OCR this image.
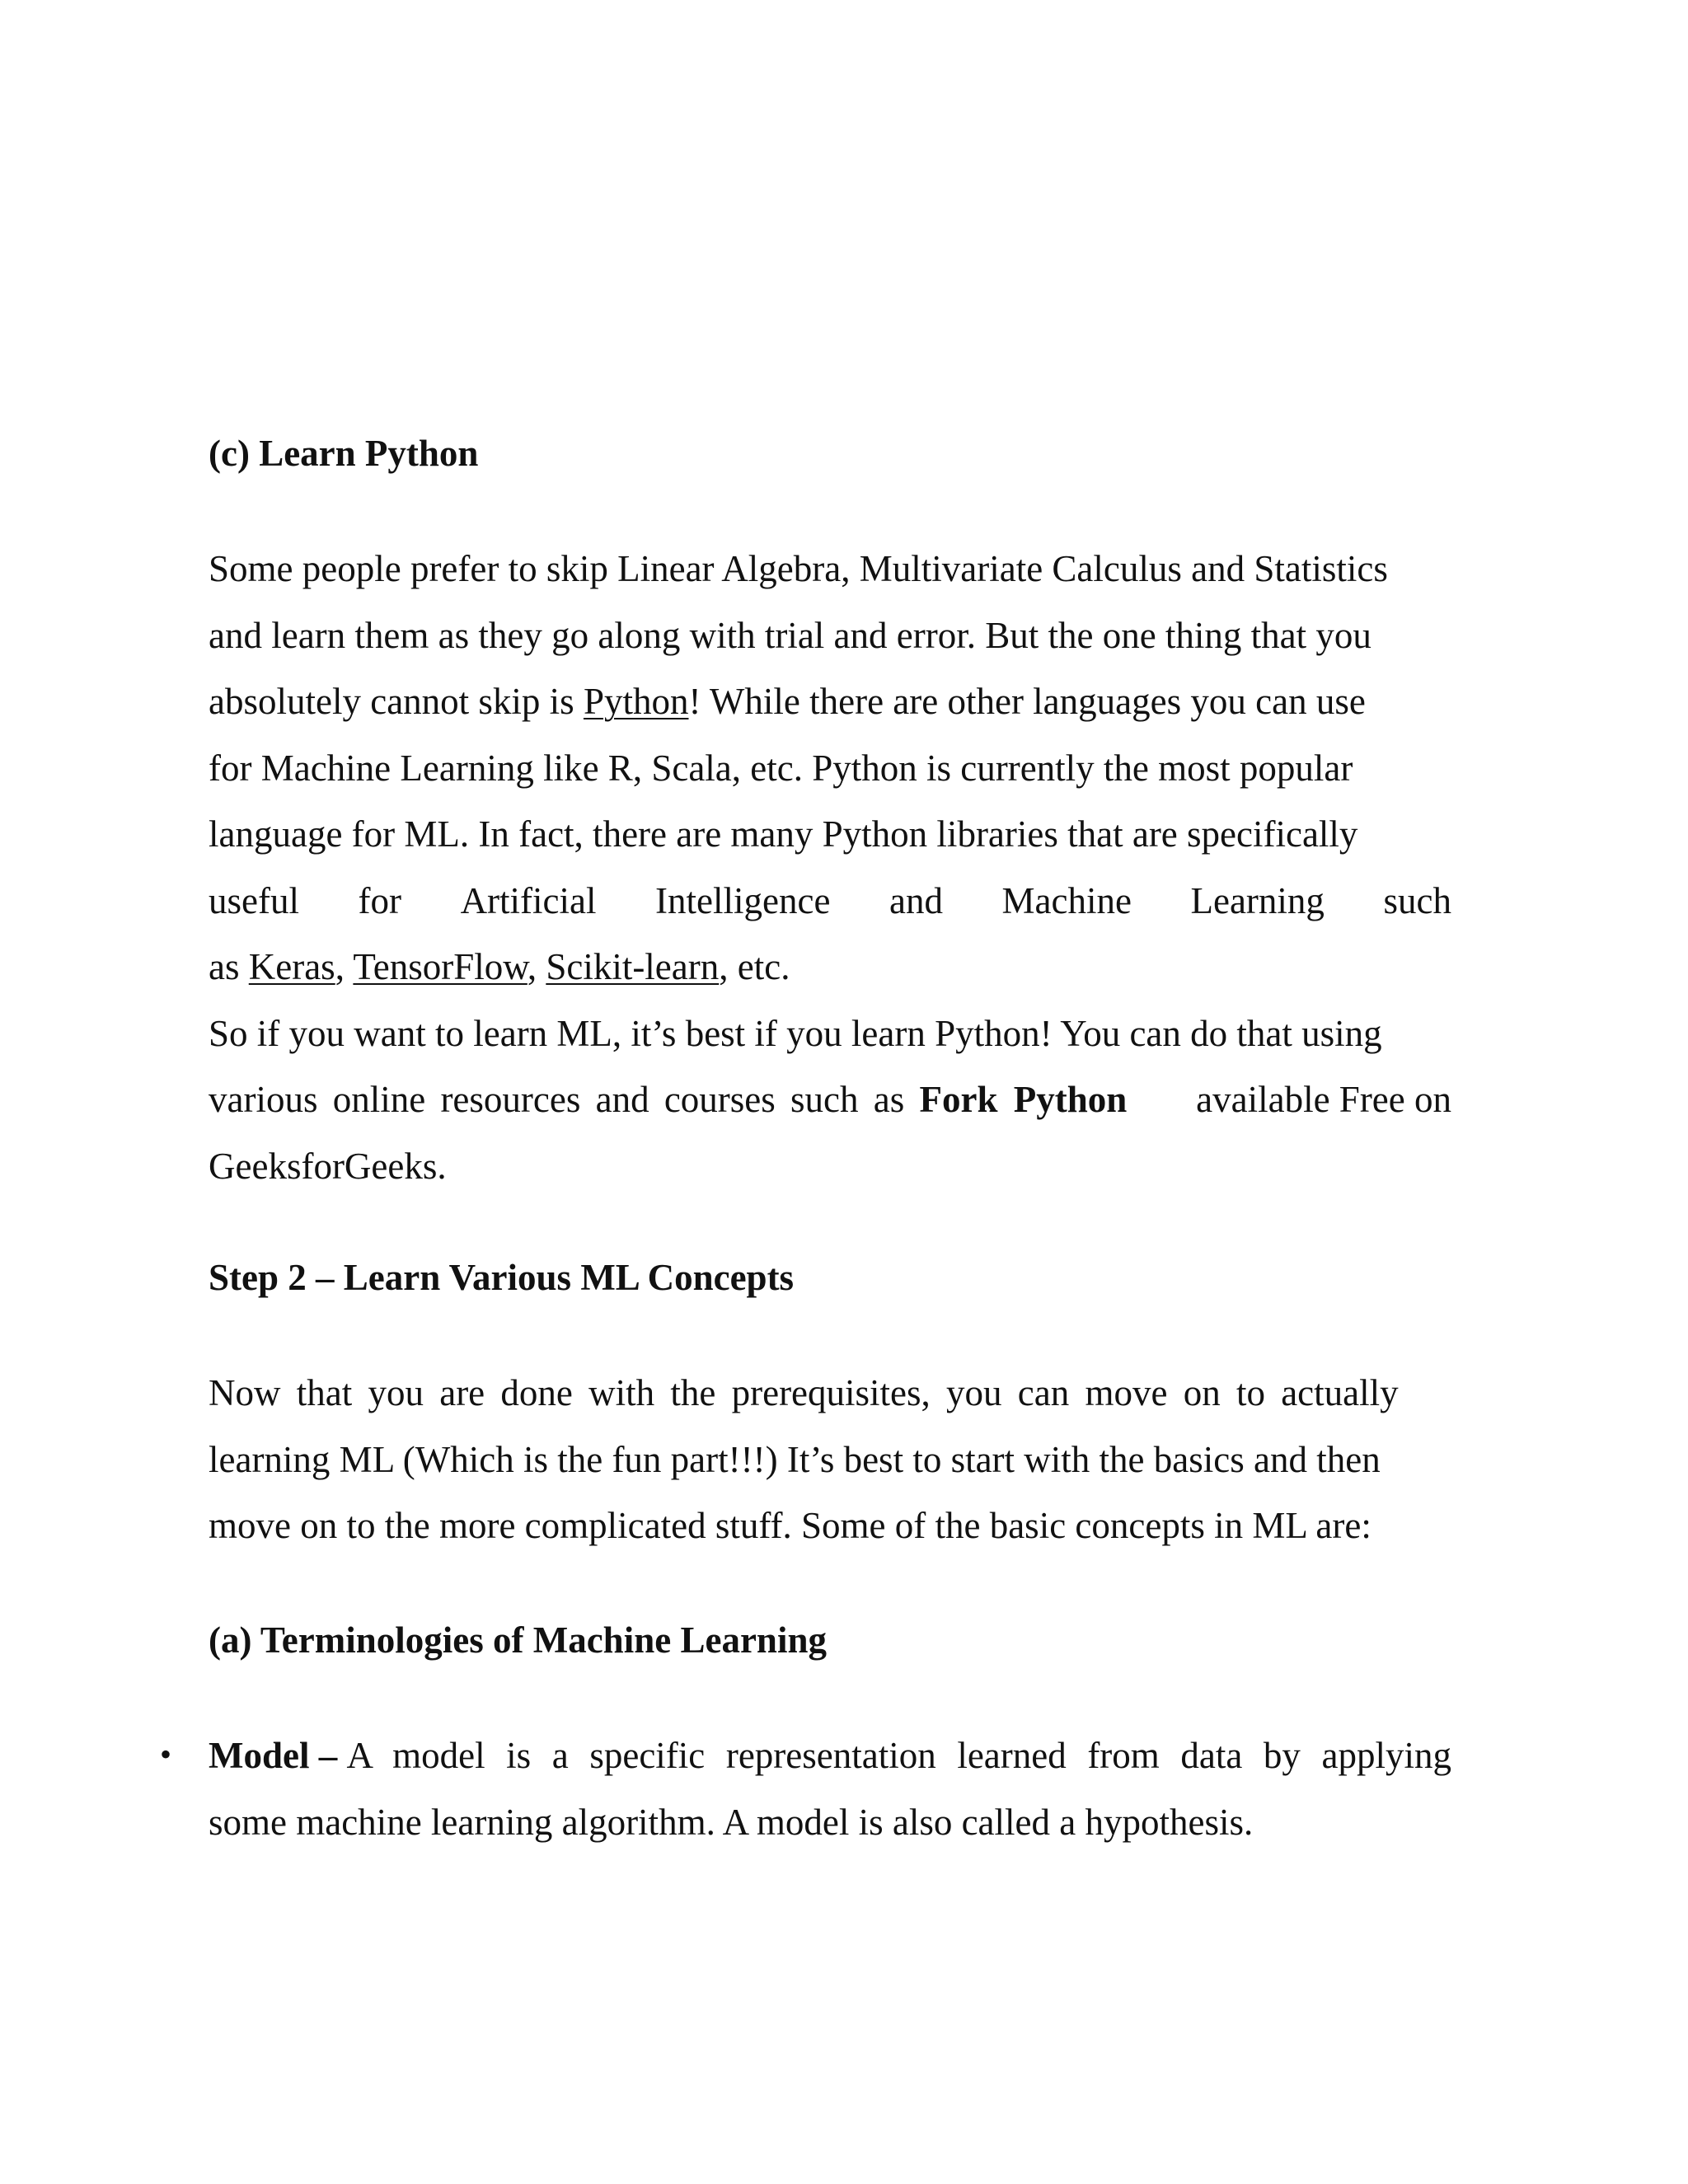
(c) Learn Python

Some people prefer to skip Linear Algebra, Multivariate Calculus and Statistics
and learn them as they go along with trial and error. But the one thing that you
absolutely cannot skip is Python! While there are other languages you can use
for Machine Learning like R, Scala, etc. Python is currently the most popular
language for ML. In fact, there are many Python libraries that are specifically
useful for Artificial Intelligence and Machine Learning such
as Keras, TensorFlow, Scikit-learn, etc.
So if you want to learn ML, it’s best if you learn Python! You can do that using
various online resources and courses such as Fork Python	available Free on
GeeksforGeeks.

Step 2 – Learn Various ML Concepts

Now that you are done with the prerequisites, you can move on to actually
learning ML (Which is the fun part!!!) It’s best to start with the basics and then
move on to the more complicated stuff. Some of the basic concepts in ML are:

(a) Terminologies of Machine Learning
• Model – A model is a specific representation learned from data by applying
some machine learning algorithm. A model is also called a hypothesis.
